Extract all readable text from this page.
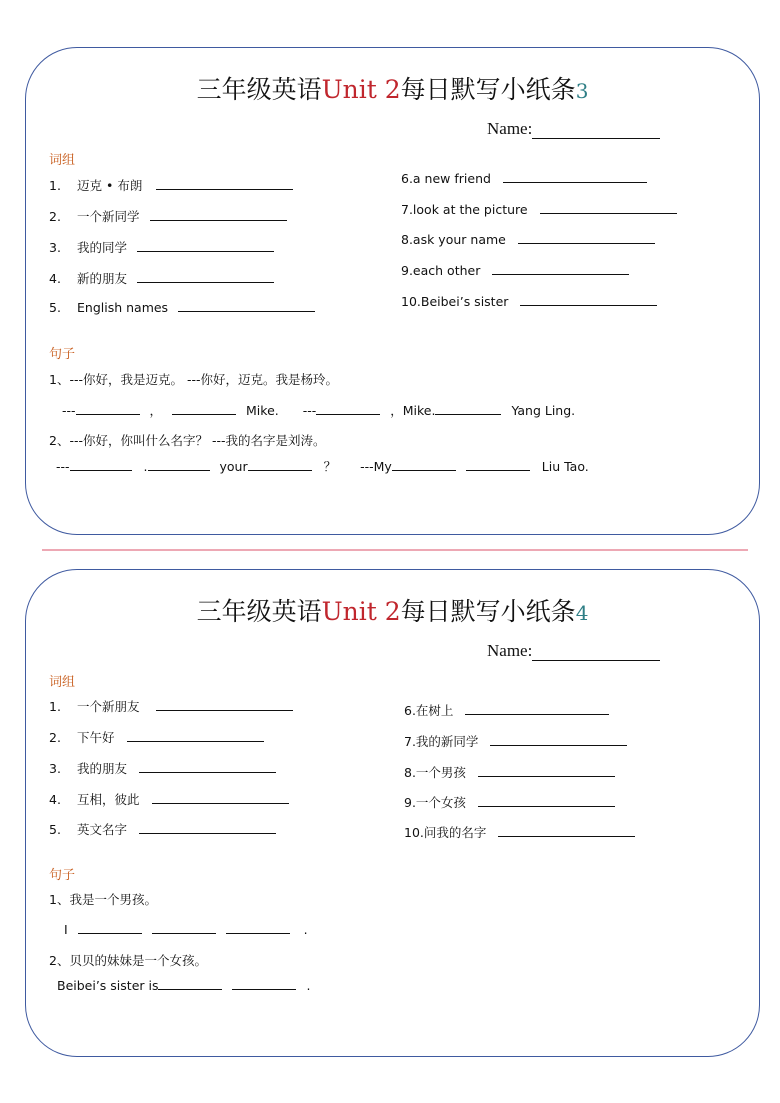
三年级英语Unit 2每日默写小纸条3
Name:
词组
1. 迈克 • 布朗
2. 一个新同学
3. 我的同学
4. 新的朋友
5. English names
6.a new friend
7.look at the picture
8.ask your name
9.each other
10.Beibei’s sister
句子
1、---你好，我是迈克。 ---你好，迈克。我是杨玲。
---	，	Mike. ---	，Mike.	Yang Ling.
2、---你好，你叫什么名字？ ---我的名字是刘涛。
---	.	your	？ ---My	Liu Tao.
三年级英语Unit 2每日默写小纸条4
Name:
词组
1. 一个新朋友
2. 下午好
3. 我的朋友
4. 互相，彼此
5. 英文名字
6.在树上
7.我的新同学
8.一个男孩
9.一个女孩
10.问我的名字
句子
1、我是一个男孩。
I	.
2、贝贝的妹妹是一个女孩。
Beibei’s sister is	.
